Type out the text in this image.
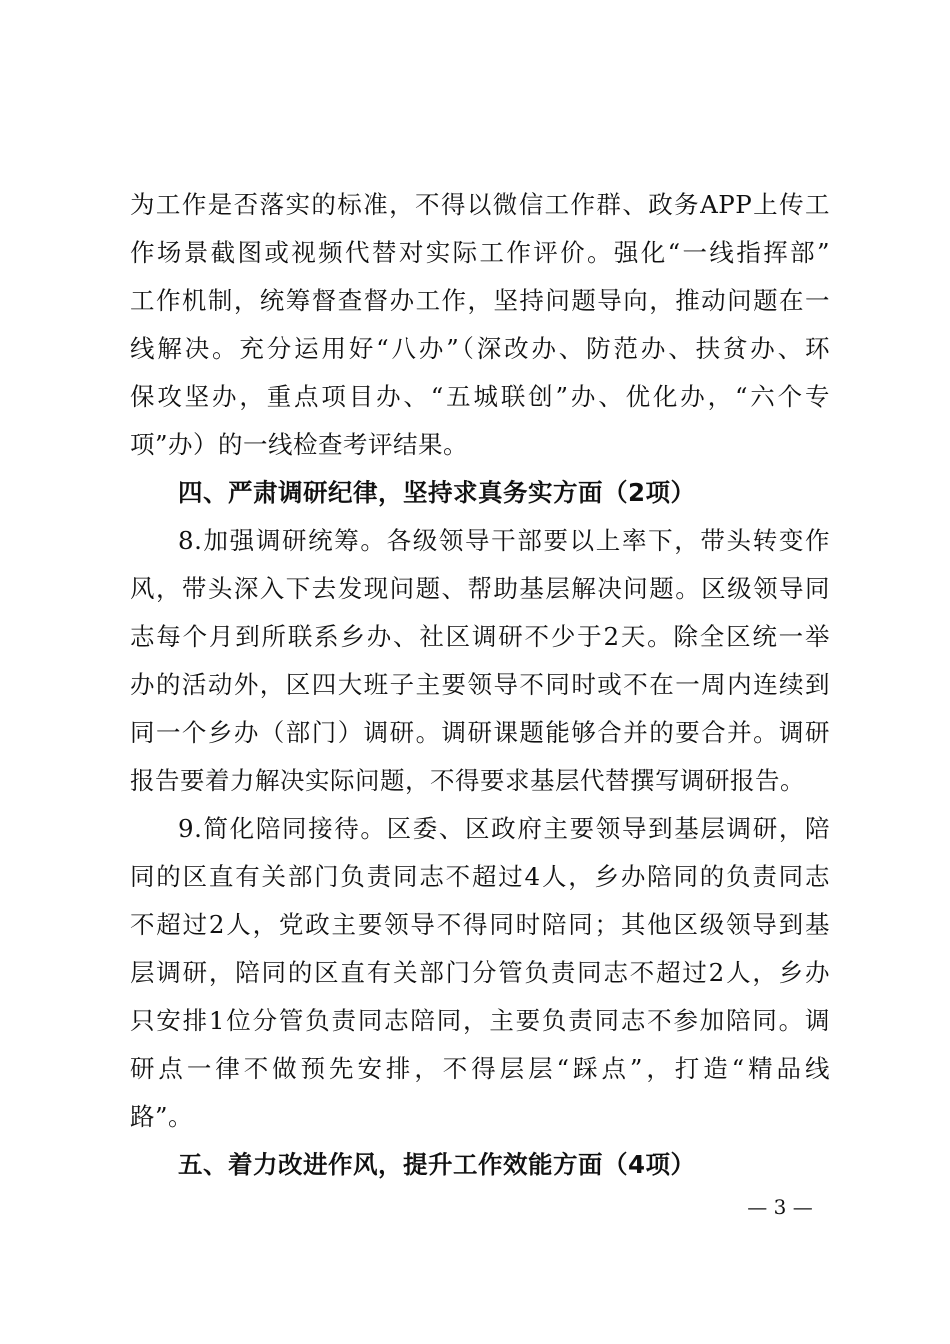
为工作是否落实的标准，不得以微信工作群、政务APP上传工
作场景截图或视频代替对实际工作评价。强化“一线指挥部”
工作机制，统筹督查督办工作，坚持问题导向，推动问题在一
线解决。充分运用好“八办”（深改办、防范办、扶贫办、环
保攻坚办，重点项目办、“五城联创”办、优化办，“六个专
项”办）的一线检查考评结果。
四、严肃调研纪律，坚持求真务实方面（2项）
8.加强调研统筹。各级领导干部要以上率下，带头转变作
风，带头深入下去发现问题、帮助基层解决问题。区级领导同
志每个月到所联系乡办、社区调研不少于2天。除全区统一举
办的活动外，区四大班子主要领导不同时或不在一周内连续到
同一个乡办（部门）调研。调研课题能够合并的要合并。调研
报告要着力解决实际问题，不得要求基层代替撰写调研报告。
9.简化陪同接待。区委、区政府主要领导到基层调研，陪
同的区直有关部门负责同志不超过4人，乡办陪同的负责同志
不超过2人，党政主要领导不得同时陪同；其他区级领导到基
层调研，陪同的区直有关部门分管负责同志不超过2人，乡办
只安排1位分管负责同志陪同，主要负责同志不参加陪同。调
研点一律不做预先安排，不得层层“踩点”，打造“精品线
路”。
五、着力改进作风，提升工作效能方面（4项）
— 3 —
